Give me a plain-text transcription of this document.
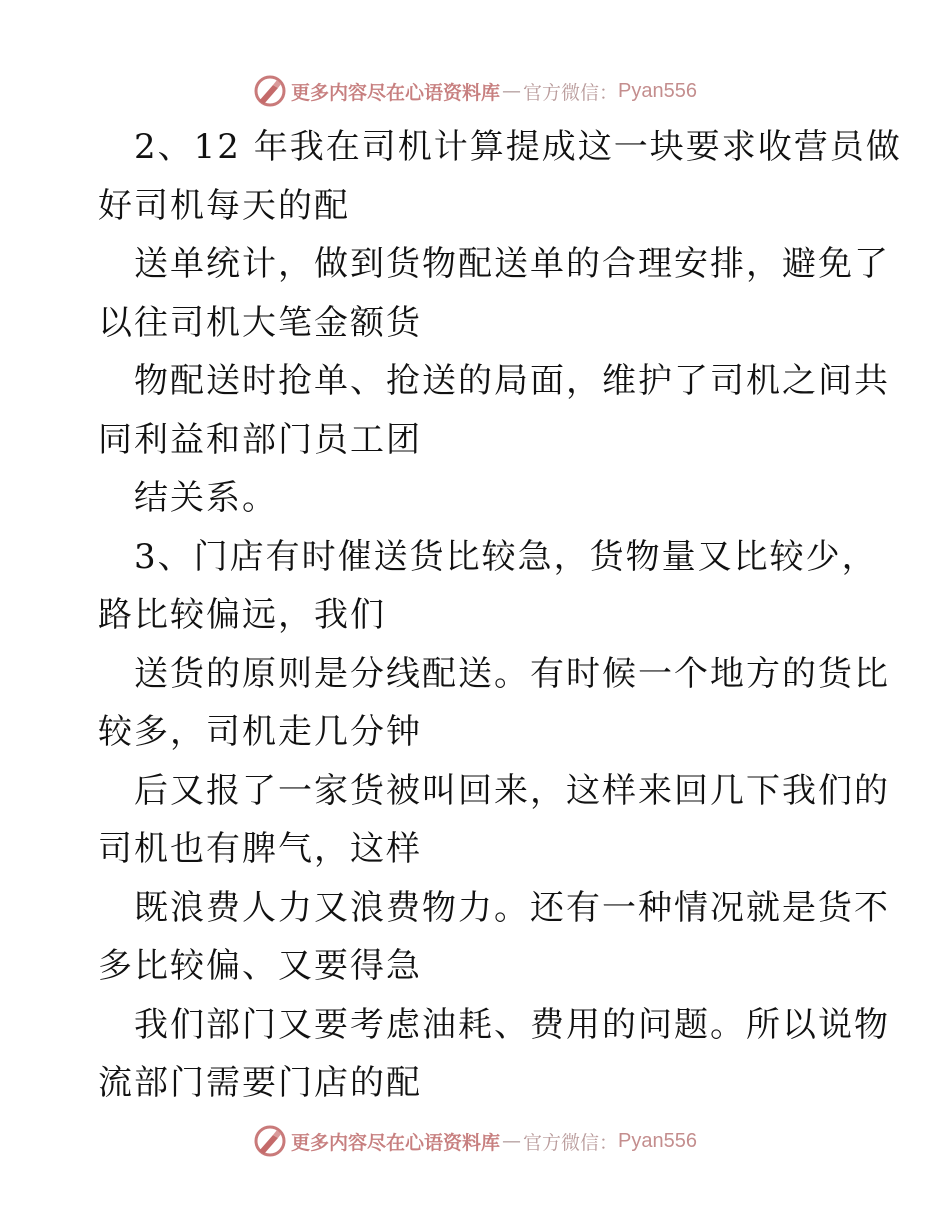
更多内容尽在心语资料库 — 官方微信： Pyan556
2、12 年我在司机计算提成这一块要求收营员做
好司机每天的配
送单统计，做到货物配送单的合理安排，避免了
以往司机大笔金额货
物配送时抢单、抢送的局面，维护了司机之间共
同利益和部门员工团
结关系。
3、门店有时催送货比较急，货物量又比较少，
路比较偏远，我们
送货的原则是分线配送。有时候一个地方的货比
较多，司机走几分钟
后又报了一家货被叫回来，这样来回几下我们的
司机也有脾气，这样
既浪费人力又浪费物力。还有一种情况就是货不
多比较偏、又要得急
我们部门又要考虑油耗、费用的问题。所以说物
流部门需要门店的配
更多内容尽在心语资料库 — 官方微信： Pyan556
